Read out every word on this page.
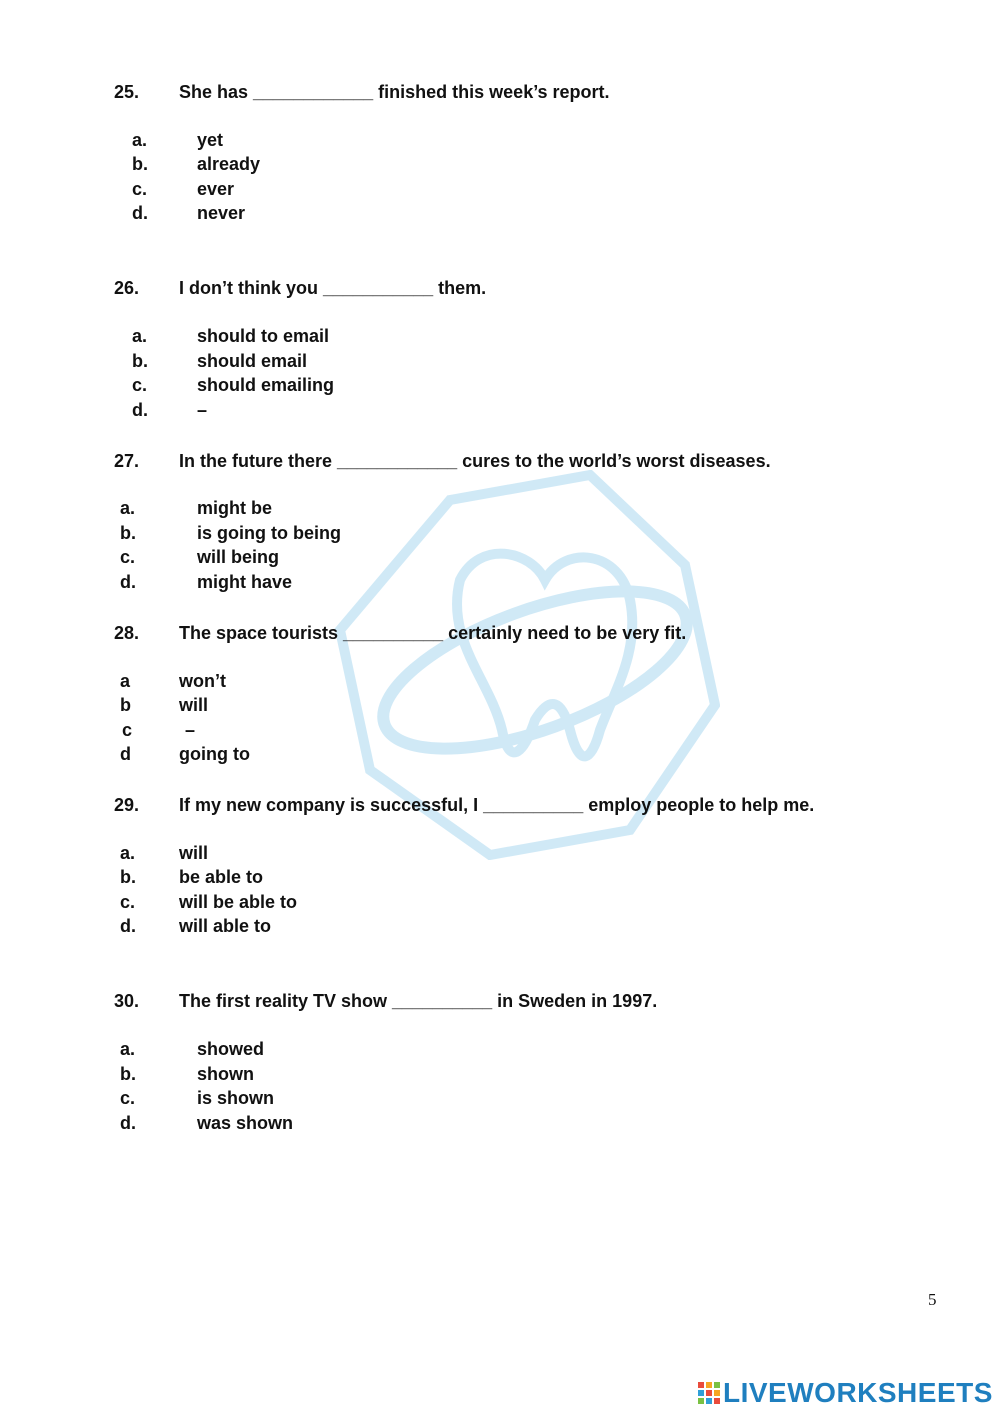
25. She has ____________ finished this week’s report.
a.	yet
b.	already
c.	ever
d.	never
26. I don’t think you ___________ them.
a.	should to email
b.	should email
c.	should emailing
d.	–
27. In the future there ____________ cures to the world’s worst diseases.
a.	might be
b.	is going to being
c.	will being
d.	might have
28. The space tourists __________ certainly need to be very fit.
a	won’t
b	will
c	–
d	going to
29. If my new company is successful, I __________ employ people to help me.
a. will
b. be able to
c. will be able to
d. will able to
30. The first reality TV show __________ in Sweden in 1997.
a.	showed
b.	shown
c.	is shown
d.	was shown
5
LIVEWORKSHEETS
